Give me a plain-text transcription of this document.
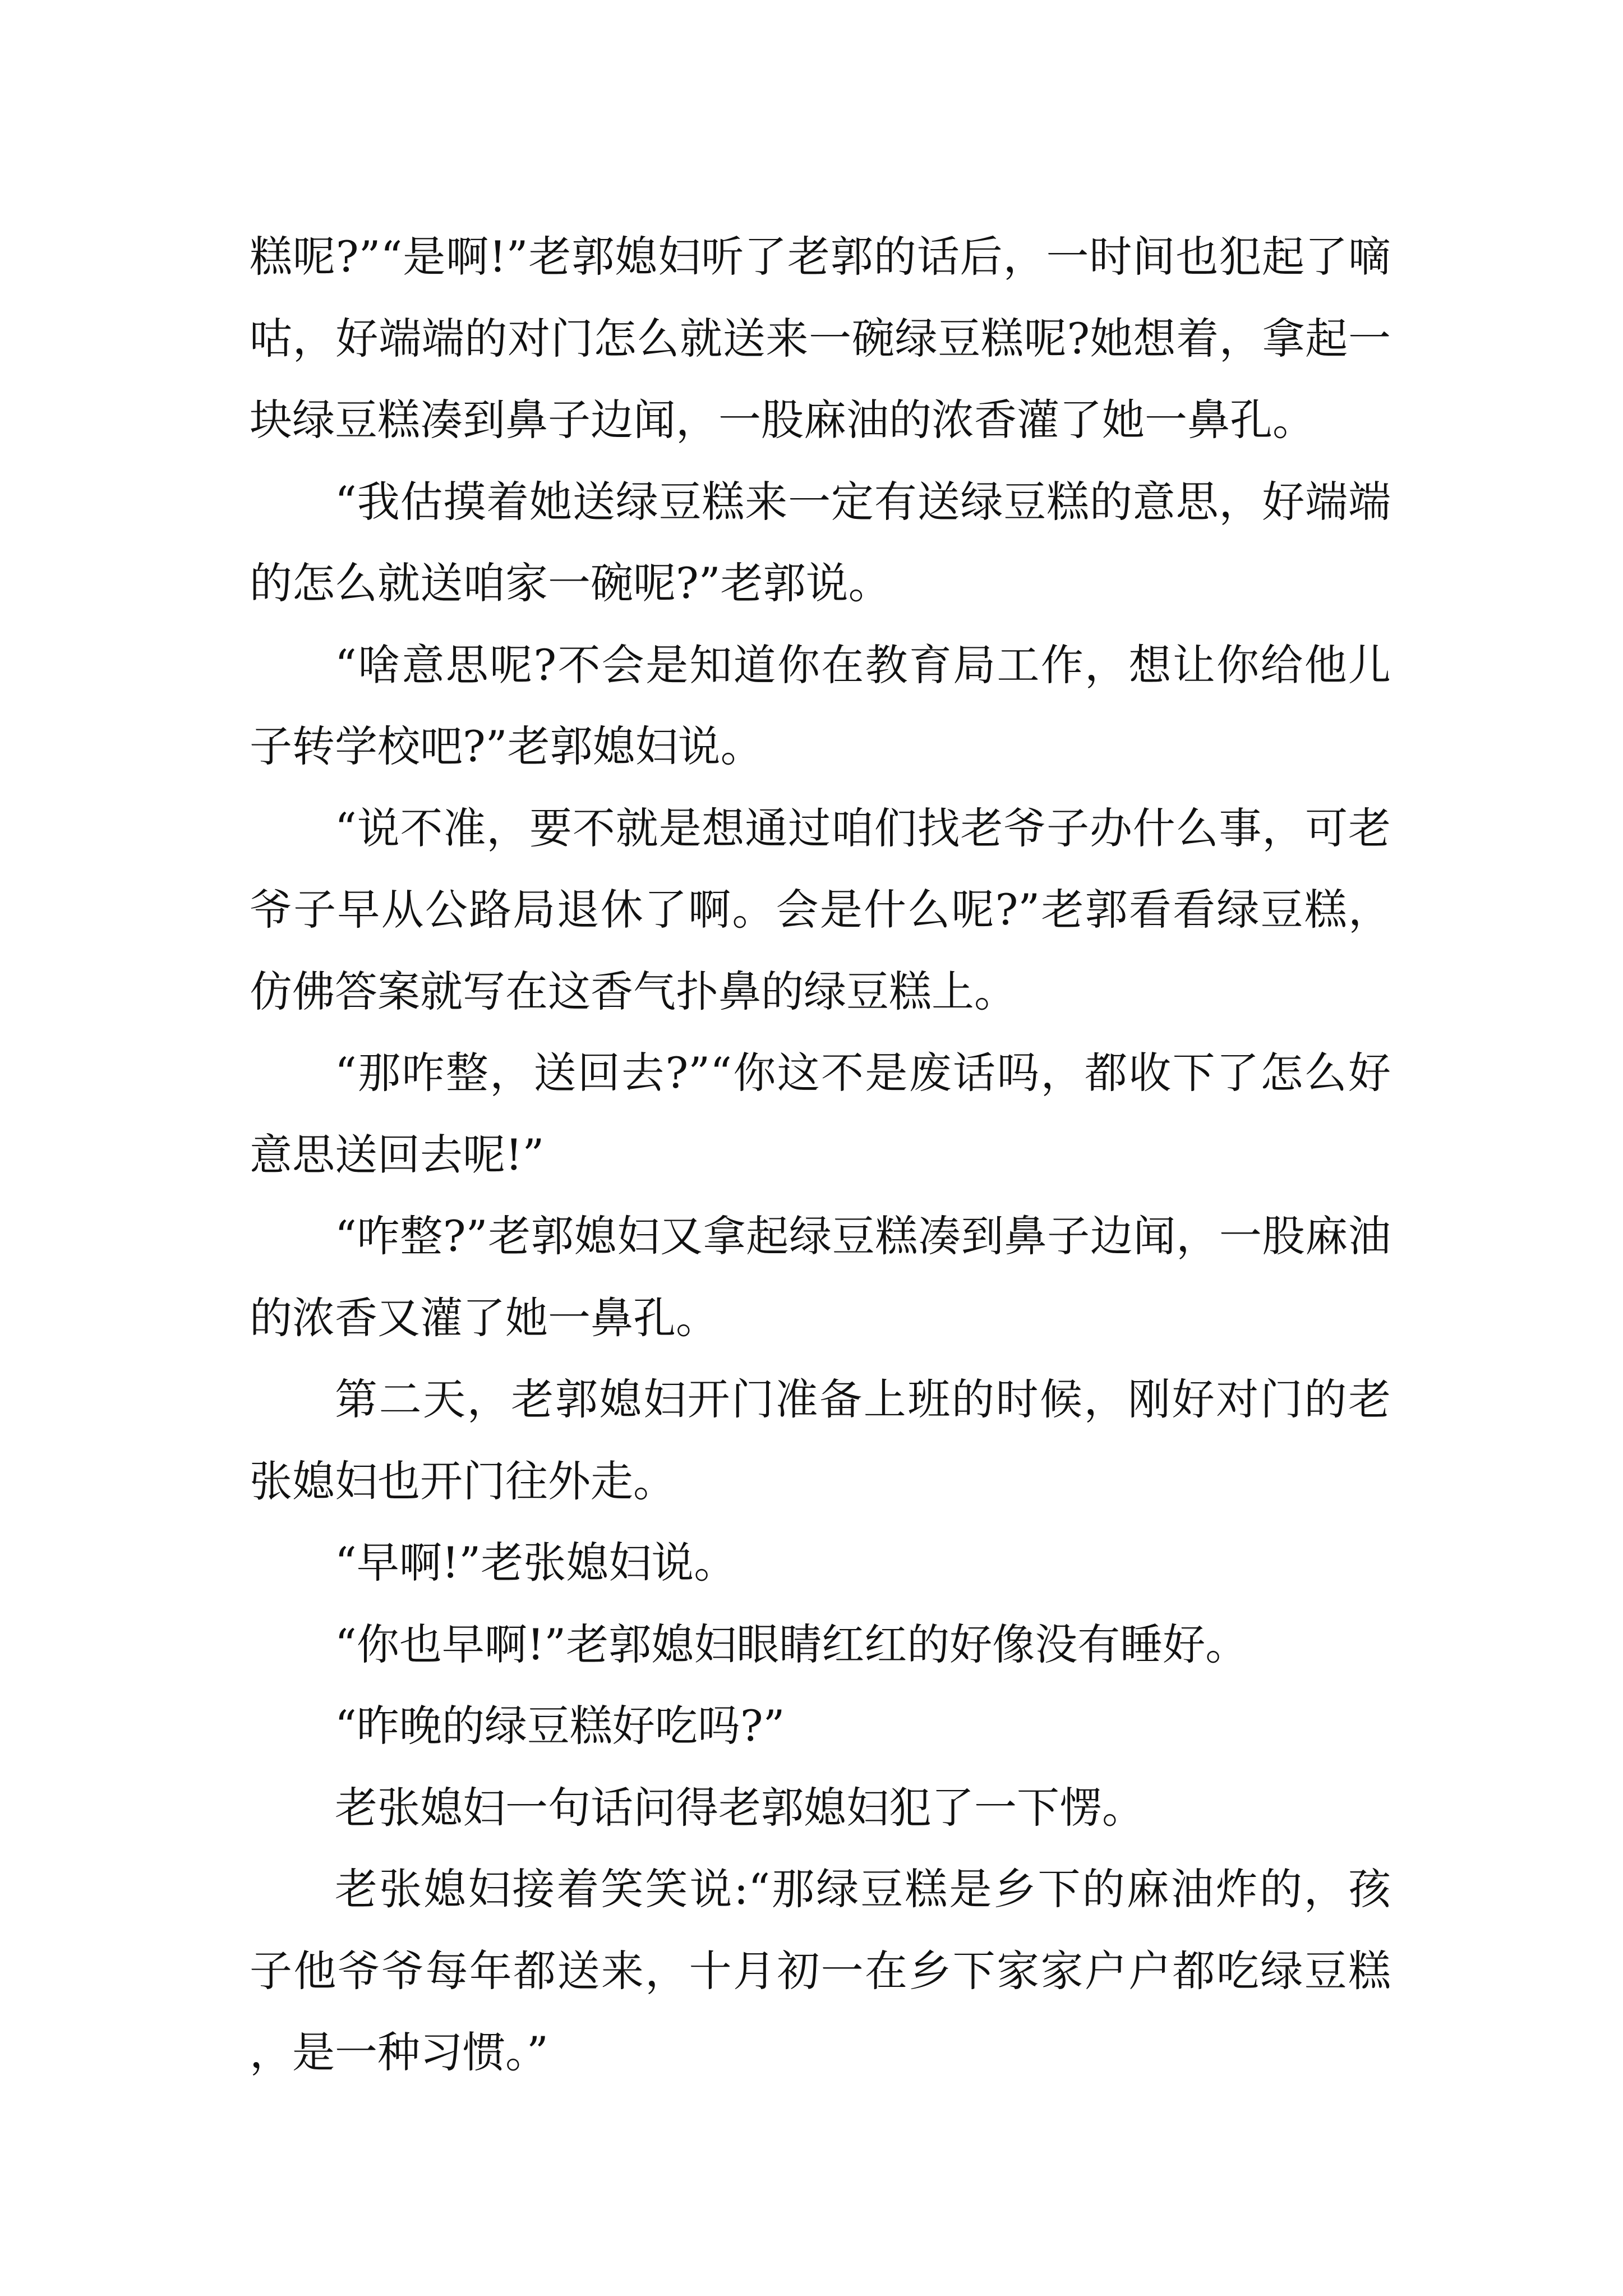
糕呢?”“是啊!”老郭媳妇听了老郭的话后，一时间也犯起了嘀咕，好端端的对门怎么就送来一碗绿豆糕呢?她想着，拿起一块绿豆糕凑到鼻子边闻，一股麻油的浓香灌了她一鼻孔。

“我估摸着她送绿豆糕来一定有送绿豆糕的意思，好端端的怎么就送咱家一碗呢?”老郭说。

“啥意思呢?不会是知道你在教育局工作，想让你给他儿子转学校吧?”老郭媳妇说。

“说不准，要不就是想通过咱们找老爷子办什么事，可老爷子早从公路局退休了啊。会是什么呢?”老郭看看绿豆糕，仿佛答案就写在这香气扑鼻的绿豆糕上。

“那咋整，送回去?”“你这不是废话吗，都收下了怎么好意思送回去呢!”

“咋整?”老郭媳妇又拿起绿豆糕凑到鼻子边闻，一股麻油的浓香又灌了她一鼻孔。

第二天，老郭媳妇开门准备上班的时候，刚好对门的老张媳妇也开门往外走。

“早啊!”老张媳妇说。

“你也早啊!”老郭媳妇眼睛红红的好像没有睡好。

“昨晚的绿豆糕好吃吗?”

老张媳妇一句话问得老郭媳妇犯了一下愣。

老张媳妇接着笑笑说:“那绿豆糕是乡下的麻油炸的，孩子他爷爷每年都送来，十月初一在乡下家家户户都吃绿豆糕，是一种习惯。”
